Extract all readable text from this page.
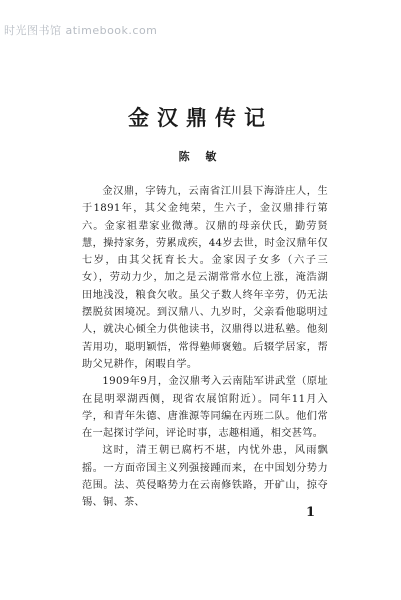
时光图书馆 atimebook.com
金汉鼎传记
陈 敏

金汉鼎，字铸九，云南省江川县下海浒庄人，生于1891年，其父金纯荣，生六子，金汉鼎排行第六。金家祖辈家业微薄。汉鼎的母亲伏氏，勤劳贤慧，操持家务，劳累成疾，44岁去世，时金汉鼎年仅七岁，由其父抚育长大。金家因子女多（六子三女），劳动力少，加之是云湖常常水位上涨，淹浩湖田地浅没，粮食欠收。虽父子数人终年辛劳，仍无法摆脱贫困境况。到汉鼎八、九岁时，父亲看他聪明过人，就决心倾全力供他读书，汉鼎得以进私塾。他刻苦用功，聪明颖悟，常得塾师褒勉。后辍学居家，帮助父兄耕作，闲暇自学。

1909年9月，金汉鼎考入云南陆军讲武堂（原址在昆明翠湖西侧，现省农展馆附近）。同年11月入学，和青年朱德、唐淮源等同编在丙班二队。他们常在一起探讨学问，评论时事，志趣相通，相交甚笃。

这时，清王朝已腐朽不堪，内忧外患，风雨飘摇。一方面帝国主义列强接踵而来，在中国划分势力范围。法、英侵略势力在云南修铁路，开矿山，掠夺锡、铜、茶、

1
